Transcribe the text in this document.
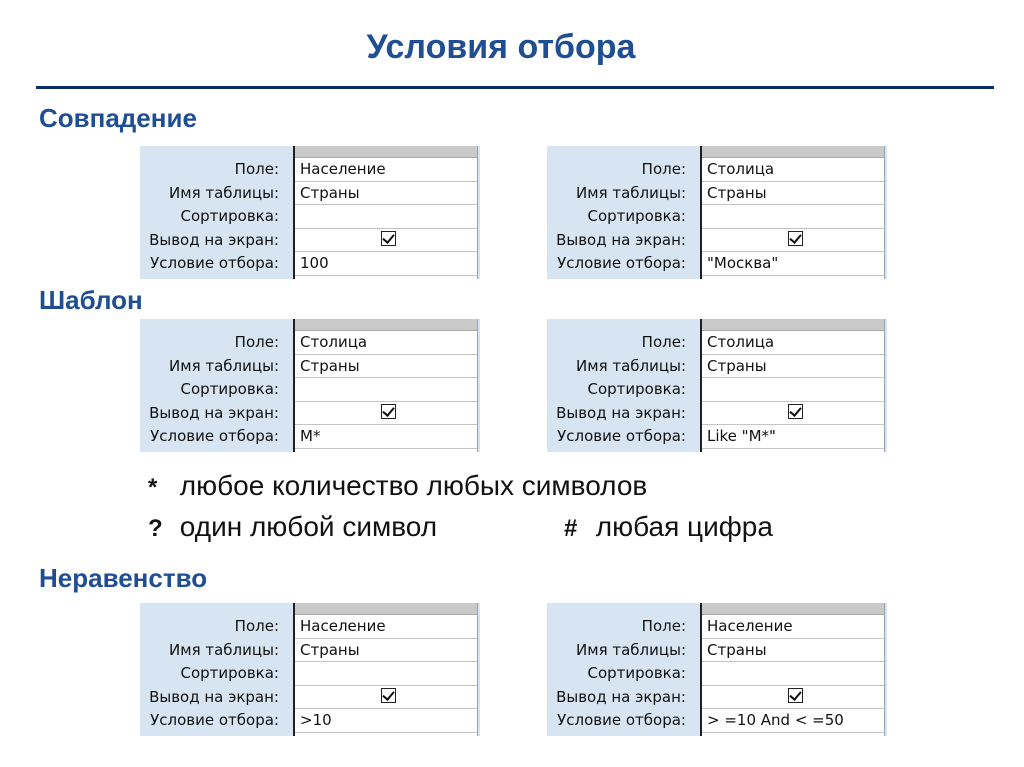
Условия отбора
Совпадение
Шаблон
Неравенство
Поле:
Имя таблицы:
Сортировка:
Вывод на экран:
Условие отбора:
Население
Страны
100
Поле:
Имя таблицы:
Сортировка:
Вывод на экран:
Условие отбора:
Столица
Страны
"Москва"
Поле:
Имя таблицы:
Сортировка:
Вывод на экран:
Условие отбора:
Столица
Страны
М*
Поле:
Имя таблицы:
Сортировка:
Вывод на экран:
Условие отбора:
Столица
Страны
Like "М*"
Поле:
Имя таблицы:
Сортировка:
Вывод на экран:
Условие отбора:
Население
Страны
>10
Поле:
Имя таблицы:
Сортировка:
Вывод на экран:
Условие отбора:
Население
Страны
> =10 And < =50
* любое количество любых символов
? один любой символ	# любая цифра
